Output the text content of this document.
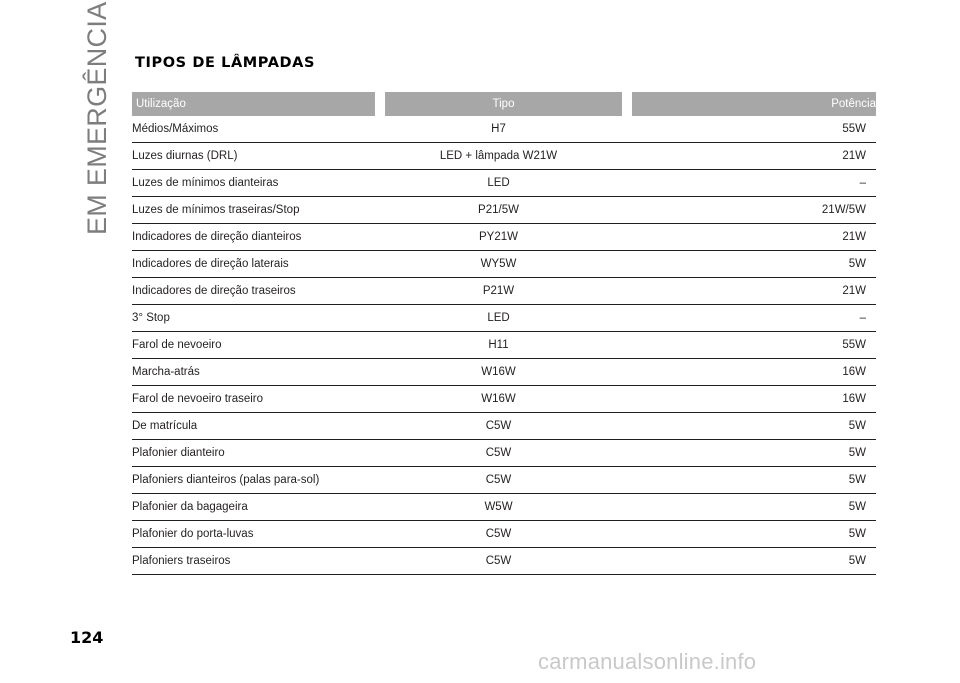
EM EMERGÊNCIA TIPOS DE LÂMPADAS
Utilização	Tipo	Potência
Médios/Máximos	H7	55W
Luzes diurnas (DRL)	LED + lâmpada W21W	21W
Luzes de mínimos dianteiras	LED	–
Luzes de mínimos traseiras/Stop	P21/5W	21W/5W
Indicadores de direção dianteiros	PY21W	21W
Indicadores de direção laterais	WY5W	5W
Indicadores de direção traseiros	P21W	21W
3° Stop	LED	–
Farol de nevoeiro	H11	55W
Marcha-atrás	W16W	16W
Farol de nevoeiro traseiro	W16W	16W
De matrícula	C5W	5W
Plafonier dianteiro	C5W	5W
Plafoniers dianteiros (palas para-sol)	C5W	5W
Plafonier da bagageira	W5W	5W
Plafonier do porta-luvas	C5W	5W
Plafoniers traseiros	C5W	5W
124
carmanualsonline.info
